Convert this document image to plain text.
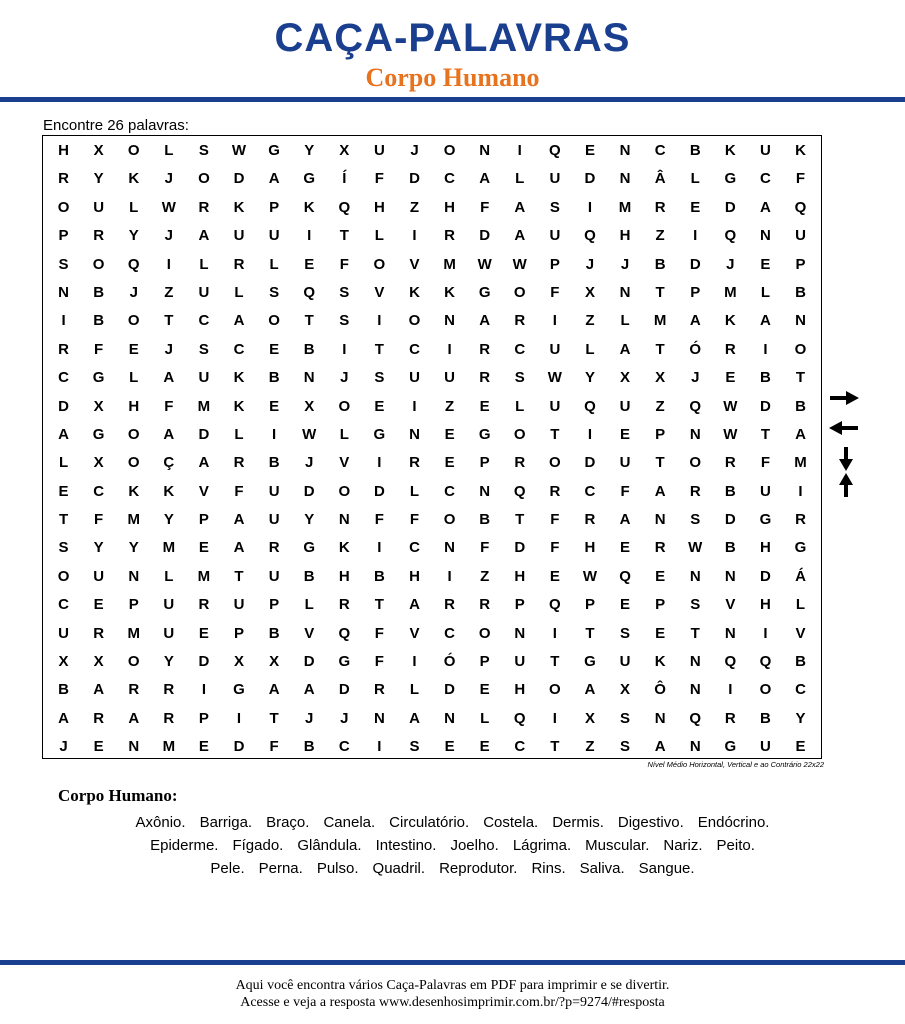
CAÇA-PALAVRAS
Corpo Humano
Encontre 26 palavras:
H	X	O	L	S	W	G	Y	X	U	J	O	N	I	Q	E	N	C	B	K	U	K
R	Y	K	J	O	D	A	G	Í	F	D	C	A	L	U	D	N	Â	L	G	C	F
O	U	L	W	R	K	P	K	Q	H	Z	H	F	A	S	I	M	R	E	D	A	Q
P	R	Y	J	A	U	U	I	T	L	I	R	D	A	U	Q	H	Z	I	Q	N	U
S	O	Q	I	L	R	L	E	F	O	V	M	W	W	P	J	J	B	D	J	E	P
N	B	J	Z	U	L	S	Q	S	V	K	K	G	O	F	X	N	T	P	M	L	B
I	B	O	T	C	A	O	T	S	I	O	N	A	R	I	Z	L	M	A	K	A	N
R	F	E	J	S	C	E	B	I	T	C	I	R	C	U	L	A	T	Ó	R	I	O
C	G	L	A	U	K	B	N	J	S	U	U	R	S	W	Y	X	X	J	E	B	T
D	X	H	F	M	K	E	X	O	E	I	Z	E	L	U	Q	U	Z	Q	W	D	B
A	G	O	A	D	L	I	W	L	G	N	E	G	O	T	I	E	P	N	W	T	A
L	X	O	Ç	A	R	B	J	V	I	R	E	P	R	O	D	U	T	O	R	F	M
E	C	K	K	V	F	U	D	O	D	L	C	N	Q	R	C	F	A	R	B	U	I
T	F	M	Y	P	A	U	Y	N	F	F	O	B	T	F	R	A	N	S	D	G	R
S	Y	Y	M	E	A	R	G	K	I	C	N	F	D	F	H	E	R	W	B	H	G
O	U	N	L	M	T	U	B	H	B	H	I	Z	H	E	W	Q	E	N	N	D	Á
C	E	P	U	R	U	P	L	R	T	A	R	R	P	Q	P	E	P	S	V	H	L
U	R	M	U	E	P	B	V	Q	F	V	C	O	N	I	T	S	E	T	N	I	V
X	X	O	Y	D	X	X	D	G	F	I	Ó	P	U	T	G	U	K	N	Q	Q	B
B	A	R	R	I	G	A	A	D	R	L	D	E	H	O	A	X	Ô	N	I	O	C
A	R	A	R	P	I	T	J	J	N	A	N	L	Q	I	X	S	N	Q	R	B	Y
J	E	N	M	E	D	F	B	C	I	S	E	E	C	T	Z	S	A	N	G	U	E
Nível Médio Horizontal, Vertical e ao Contrário 22x22
Corpo Humano:
Axônio. Barriga. Braço. Canela. Circulatório. Costela. Dermis. Digestivo. Endócrino.
Epiderme. Fígado. Glândula. Intestino. Joelho. Lágrima. Muscular. Nariz. Peito.
Pele. Perna. Pulso. Quadril. Reprodutor. Rins. Saliva. Sangue.
Aqui você encontra vários Caça-Palavras em PDF para imprimir e se divertir.
Acesse e veja a resposta www.desenhosimprimir.com.br/?p=9274/#resposta
